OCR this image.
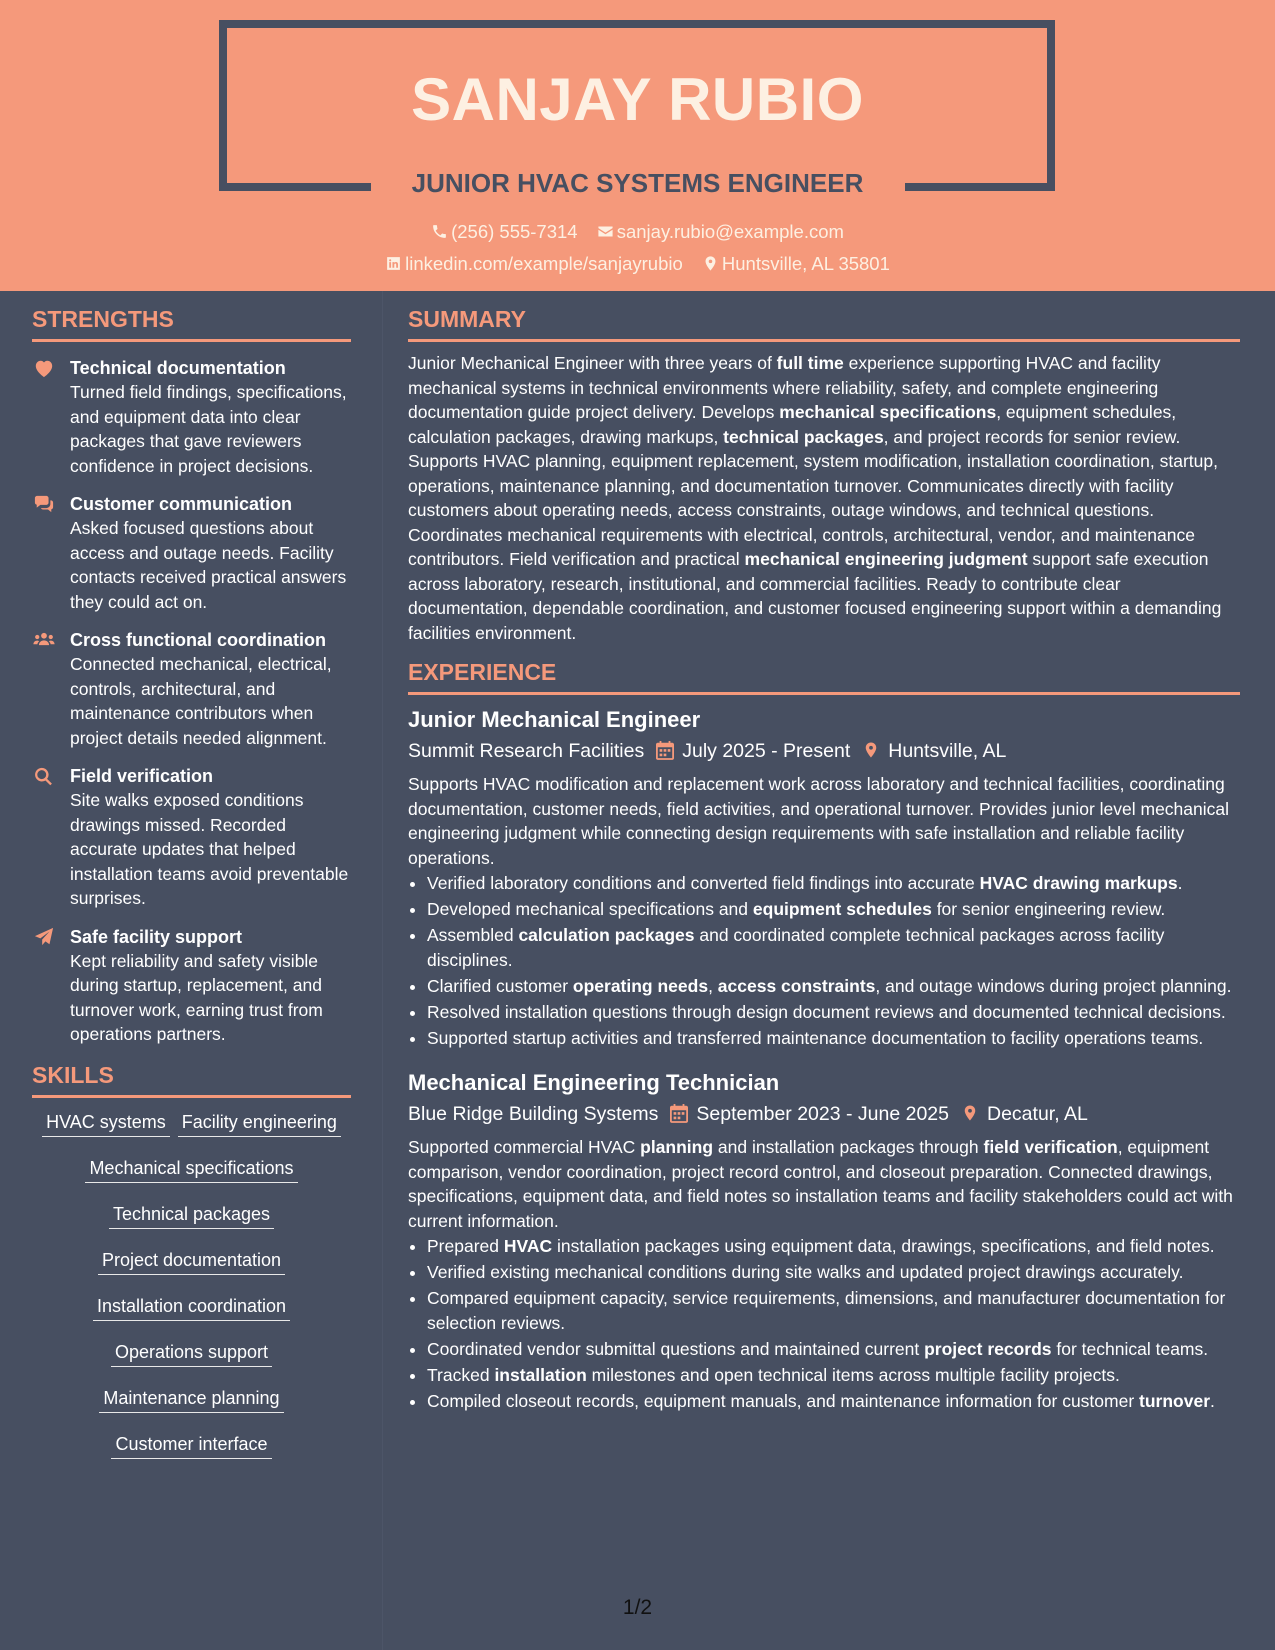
SANJAY RUBIO
JUNIOR HVAC SYSTEMS ENGINEER
(256) 555-7314 sanjay.rubio@example.com
linkedin.com/example/sanjayrubio Huntsville, AL 35801
STRENGTHS
Technical documentation
Turned field findings, specifications, and equipment data into clear packages that gave reviewers confidence in project decisions.
Customer communication
Asked focused questions about access and outage needs. Facility contacts received practical answers they could act on.
Cross functional coordination
Connected mechanical, electrical, controls, architectural, and maintenance contributors when project details needed alignment.
Field verification
Site walks exposed conditions drawings missed. Recorded accurate updates that helped installation teams avoid preventable surprises.
Safe facility support
Kept reliability and safety visible during startup, replacement, and turnover work, earning trust from operations partners.
SKILLS
HVAC systems Facility engineering
Mechanical specifications
Technical packages
Project documentation
Installation coordination
Operations support
Maintenance planning
Customer interface
SUMMARY
Junior Mechanical Engineer with three years of full time experience supporting HVAC and facility mechanical systems in technical environments where reliability, safety, and complete engineering documentation guide project delivery. Develops mechanical specifications, equipment schedules, calculation packages, drawing markups, technical packages, and project records for senior review. Supports HVAC planning, equipment replacement, system modification, installation coordination, startup, operations, maintenance planning, and documentation turnover. Communicates directly with facility customers about operating needs, access constraints, outage windows, and technical questions. Coordinates mechanical requirements with electrical, controls, architectural, vendor, and maintenance contributors. Field verification and practical mechanical engineering judgment support safe execution across laboratory, research, institutional, and commercial facilities. Ready to contribute clear documentation, dependable coordination, and customer focused engineering support within a demanding facilities environment.
EXPERIENCE
Junior Mechanical Engineer
Summit Research Facilities July 2025 - Present Huntsville, AL
Supports HVAC modification and replacement work across laboratory and technical facilities, coordinating documentation, customer needs, field activities, and operational turnover. Provides junior level mechanical engineering judgment while connecting design requirements with safe installation and reliable facility operations.
• Verified laboratory conditions and converted field findings into accurate HVAC drawing markups.
• Developed mechanical specifications and equipment schedules for senior engineering review.
• Assembled calculation packages and coordinated complete technical packages across facility disciplines.
• Clarified customer operating needs, access constraints, and outage windows during project planning.
• Resolved installation questions through design document reviews and documented technical decisions.
• Supported startup activities and transferred maintenance documentation to facility operations teams.
Mechanical Engineering Technician
Blue Ridge Building Systems September 2023 - June 2025 Decatur, AL
Supported commercial HVAC planning and installation packages through field verification, equipment comparison, vendor coordination, project record control, and closeout preparation. Connected drawings, specifications, equipment data, and field notes so installation teams and facility stakeholders could act with current information.
• Prepared HVAC installation packages using equipment data, drawings, specifications, and field notes.
• Verified existing mechanical conditions during site walks and updated project drawings accurately.
• Compared equipment capacity, service requirements, dimensions, and manufacturer documentation for selection reviews.
• Coordinated vendor submittal questions and maintained current project records for technical teams.
• Tracked installation milestones and open technical items across multiple facility projects.
• Compiled closeout records, equipment manuals, and maintenance information for customer turnover.
1/2
